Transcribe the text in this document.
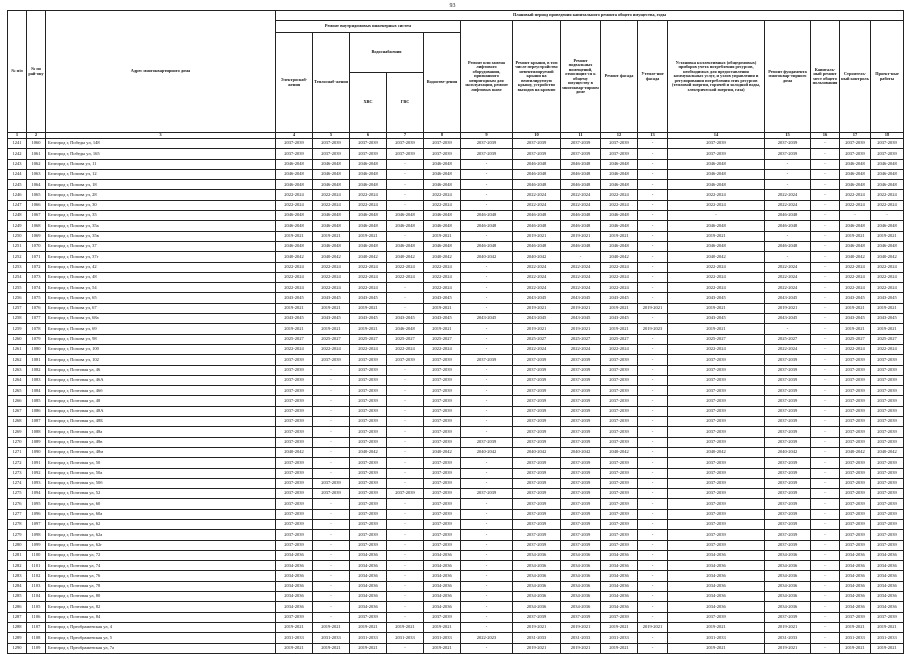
93
№ п/п	№ по рай-ону	Адрес многоквартирного дома	Плановый период проведения капитального ремонта общего имущества, годы														
			Ремонт внутридомовых инженерных систем					Ремонт или замена лифтового оборудования, признанного непригодным для эксплуатации, ремонт лифтовых шахт	Ремонт крыши, в том числе переустройство невентилируемой крыши на вентилируемую крышу, устройство выходов на кровлю	Ремонт подвальных помещений, относящих-ся к общему имуществу в многоквар-тирном доме	Ремонт фасада	Утепле-ние фасада	Установка коллективных (общедомовых) приборов учета потребления ресурсов, необходимых для предоставления коммунальных услуг, и узлов управления и регулирования потребления этих ресурсов (тепловой энергии, горячей и холодной воды, электрической энергии, газа)	Ремонт фундамента многоквар-тирного дома	Капиталь-ный ремонт мест общего пользования	Строитель-ный контроль	Проект-ные работы
			Электроснаб-жения	Теплоснаб-жения	Водоснабжения		Водоотве-дения										
					ХВС	ГВС											
1	2	3	4	5	6	7	8	9	10	11	12	13	14	15	16	17	18
1241	1060	Белгород г, Победы ул, 148	2037-2039	2037-2039	2037-2039	2037-2039	2037-2039	2037-2039	2037-2039	2037-2039	2037-2039	-	2037-2039	2037-2039	-	2037-2039	2037-2039
1242	1061	Белгород г, Победы ул, 165	2037-2039	2037-2039	2037-2039	2037-2039	2037-2039	2037-2039	2037-2039	2037-2039	2037-2039	-	2037-2039	2037-2039	-	2037-2039	2037-2039
1243	1062	Белгород г, Попова ул, 11	2046-2048	2046-2048	2046-2048	-	2046-2048	-	2046-2048	2046-2048	2046-2048	-	2046-2048	-	-	2046-2048	2046-2048
1244	1063	Белгород г, Попова ул, 12	2046-2048	2046-2048	2046-2048	-	2046-2048	-	2046-2048	2046-2048	2046-2048	-	2046-2048	-	-	2046-2048	2046-2048
1245	1064	Белгород г, Попова ул, 18	2046-2048	2046-2048	2046-2048	-	2046-2048	-	2046-2048	2046-2048	2046-2048	-	2046-2048	-	-	2046-2048	2046-2048
1246	1065	Белгород г, Попова ул, 28	2022-2024	2022-2024	2022-2024	-	2022-2024	-	2022-2024	2022-2024	2022-2024	-	2022-2024	2022-2024	-	2022-2024	2022-2024
1247	1066	Белгород г, Попова ул, 30	2022-2024	2022-2024	2022-2024	-	2022-2024	-	2022-2024	2022-2024	2022-2024	-	2022-2024	2022-2024	-	2022-2024	2022-2024
1248	1067	Белгород г, Попова ул, 35	2046-2048	2046-2048	2046-2048	2046-2048	2046-2048	2046-2048	2046-2048	2046-2048	2046-2048	-	-	2046-2048	-	-	-
1249	1068	Белгород г, Попова ул, 35а	2046-2048	2046-2048	2046-2048	2046-2048	2046-2048	2046-2048	2046-2048	2046-2048	2046-2048	-	2046-2048	2046-2048	-	2046-2048	2046-2048
1250	1069	Белгород г, Попова ул, 35в	2019-2021	2019-2021	2019-2021	-	2019-2021	-	2019-2021	2019-2021	2019-2021	-	2019-2021	-	-	2019-2021	2019-2021
1251	1070	Белгород г, Попова ул, 37	2046-2048	2046-2048	2046-2048	2046-2048	2046-2048	2046-2048	2046-2048	2046-2048	2046-2048	-	2046-2048	2046-2048	-	2046-2048	2046-2048
1252	1071	Белгород г, Попова ул, 37г	2040-2042	2040-2042	2040-2042	2040-2042	2040-2042	2040-2042	2040-2042	-	2040-2042	-	2040-2042	-	-	2040-2042	2040-2042
1253	1072	Белгород г, Попова ул, 42	2022-2024	2022-2024	2022-2024	2022-2024	2022-2024	-	2022-2024	2022-2024	2022-2024	-	2022-2024	2022-2024	-	2022-2024	2022-2024
1254	1073	Белгород г, Попова ул, 48	2022-2024	2022-2024	2022-2024	2022-2024	2022-2024	-	2022-2024	2022-2024	2022-2024	-	2022-2024	2022-2024	-	2022-2024	2022-2024
1255	1074	Белгород г, Попова ул, 54	2022-2024	2022-2024	2022-2024	-	2022-2024	-	2022-2024	2022-2024	2022-2024	-	2022-2024	2022-2024	-	2022-2024	2022-2024
1256	1075	Белгород г, Попова ул, 65	2043-2045	2043-2045	2043-2045	-	2043-2045	-	2043-2045	2043-2045	2043-2045	-	2043-2045	2043-2045	-	2043-2045	2043-2045
1257	1076	Белгород г, Попова ул, 67	2019-2021	2019-2021	2019-2021	-	2019-2021	-	2019-2021	2019-2021	2019-2021	2019-2021	2019-2021	2019-2021	-	2019-2021	2019-2021
1258	1077	Белгород г, Попова ул, 68а	2043-2045	2043-2045	2043-2045	2043-2045	2043-2045	2043-2045	2043-2045	2043-2045	2043-2045	-	2043-2045	2043-2045	-	2043-2045	2043-2045
1259	1078	Белгород г, Попова ул, 69	2019-2021	2019-2021	2019-2021	2046-2048	2019-2021	-	2019-2021	2019-2021	2019-2021	2019-2023	2019-2021	-	-	2019-2021	2019-2021
1260	1079	Белгород г, Попова ул, 98	2025-2027	2025-2027	2025-2027	2025-2027	2025-2027	-	2025-2027	2025-2027	2025-2027	-	2025-2027	2025-2027	-	2025-2027	2025-2027
1261	1080	Белгород г, Попова ул, 100	2022-2024	2022-2024	2022-2024	2022-2024	2022-2024	-	2022-2024	2022-2024	2022-2024	-	2022-2024	2022-2024	-	2022-2024	2022-2024
1262	1081	Белгород г, Попова ул, 102	2037-2039	2037-2039	2037-2039	2037-2039	2037-2039	2037-2039	2037-2039	2037-2039	2037-2039	-	2037-2039	2037-2039	-	2037-2039	2037-2039
1263	1082	Белгород г, Почтовая ул, 46	2037-2039	-	2037-2039	-	2037-2039	-	2037-2039	2037-2039	2037-2039	-	2037-2039	2037-2039	-	2037-2039	2037-2039
1264	1083	Белгород г, Почтовая ул, 46А	2037-2039	-	2037-2039	-	2037-2039	-	2037-2039	2037-2039	2037-2039	-	2037-2039	2037-2039	-	2037-2039	2037-2039
1265	1084	Белгород г, Почтовая ул, 46б	2037-2039	-	2037-2039	-	2037-2039	-	2037-2039	2037-2039	2037-2039	-	2037-2039	2037-2039	-	2037-2039	2037-2039
1266	1085	Белгород г, Почтовая ул, 48	2037-2039	-	2037-2039	-	2037-2039	-	2037-2039	2037-2039	2037-2039	-	2037-2039	2037-2039	-	2037-2039	2037-2039
1267	1086	Белгород г, Почтовая ул, 48А	2037-2039	-	2037-2039	-	2037-2039	-	2037-2039	2037-2039	2037-2039	-	2037-2039	2037-2039	-	2037-2039	2037-2039
1268	1087	Белгород г, Почтовая ул, 48Б	2037-2039	-	2037-2039	-	2037-2039	-	2037-2039	2037-2039	2037-2039	-	2037-2039	2037-2039	-	2037-2039	2037-2039
1269	1088	Белгород г, Почтовая ул, 48а	2037-2039	-	2037-2039	-	2037-2039	-	2037-2039	2037-2039	2037-2039	-	2037-2039	2037-2039	-	2037-2039	2037-2039
1270	1089	Белгород г, Почтовая ул, 48в	2037-2039	-	2037-2039	-	2037-2039	2037-2039	2037-2039	2037-2039	2037-2039	-	2037-2039	2037-2039	-	2037-2039	2037-2039
1271	1090	Белгород г, Почтовая ул, 48м	2040-2042	-	2040-2042	-	2040-2042	2040-2042	2040-2042	2040-2042	2040-2042	-	2040-2042	2040-2042	-	2040-2042	2040-2042
1272	1091	Белгород г, Почтовая ул, 50	2037-2039	-	2037-2039	-	2037-2039	-	2037-2039	2037-2039	2037-2039	-	2037-2039	2037-2039	-	2037-2039	2037-2039
1273	1092	Белгород г, Почтовая ул, 50а	2037-2039	-	2037-2039	-	2037-2039	-	2037-2039	2037-2039	2037-2039	-	2037-2039	2037-2039	-	2037-2039	2037-2039
1274	1093	Белгород г, Почтовая ул, 50б	2037-2039	2037-2039	2037-2039	-	2037-2039	-	2037-2039	2037-2039	2037-2039	-	2037-2039	2037-2039	-	2037-2039	2037-2039
1275	1094	Белгород г, Почтовая ул, 52	2037-2039	2037-2039	2037-2039	2037-2039	2037-2039	2037-2039	2037-2039	2037-2039	2037-2039	-	2037-2039	2037-2039	-	2037-2039	2037-2039
1276	1095	Белгород г, Почтовая ул, 60	2037-2039	-	2037-2039	-	2037-2039	-	2037-2039	2037-2039	2037-2039	-	2037-2039	2037-2039	-	2037-2039	2037-2039
1277	1096	Белгород г, Почтовая ул, 60а	2037-2039	-	2037-2039	-	2037-2039	-	2037-2039	2037-2039	2037-2039	-	2037-2039	2037-2039	-	2037-2039	2037-2039
1278	1097	Белгород г, Почтовая ул, 62	2037-2039	-	2037-2039	-	2037-2039	-	2037-2039	2037-2039	2037-2039	-	2037-2039	2037-2039	-	2037-2039	2037-2039
1279	1098	Белгород г, Почтовая ул, 62а	2037-2039	-	2037-2039	-	2037-2039	-	2037-2039	2037-2039	2037-2039	-	2037-2039	2037-2039	-	2037-2039	2037-2039
1280	1099	Белгород г, Почтовая ул, 62г	2037-2039	-	2037-2039	-	2037-2039	-	2037-2039	2037-2039	2037-2039	-	2037-2039	2037-2039	-	2037-2039	2037-2039
1281	1100	Белгород г, Почтовая ул, 72	2034-2036	-	2034-2036	-	2034-2036	-	2034-2036	2034-2036	2034-2036	-	2034-2036	2034-2036	-	2034-2036	2034-2036
1282	1101	Белгород г, Почтовая ул, 74	2034-2036	-	2034-2036	-	2034-2036	-	2034-2036	2034-2036	2034-2036	-	2034-2036	2034-2036	-	2034-2036	2034-2036
1283	1102	Белгород г, Почтовая ул, 76	2034-2036	-	2034-2036	-	2034-2036	-	2034-2036	2034-2036	2034-2036	-	2034-2036	2034-2036	-	2034-2036	2034-2036
1284	1103	Белгород г, Почтовая ул, 78	2034-2036	-	2034-2036	-	2034-2036	-	2034-2036	2034-2036	2034-2036	-	2034-2036	2034-2036	-	2034-2036	2034-2036
1285	1104	Белгород г, Почтовая ул, 80	2034-2036	-	2034-2036	-	2034-2036	-	2034-2036	2034-2036	2034-2036	-	2034-2036	2034-2036	-	2034-2036	2034-2036
1286	1105	Белгород г, Почтовая ул, 82	2034-2036	-	2034-2036	-	2034-2036	-	2034-2036	2034-2036	2034-2036	-	2034-2036	2034-2036	-	2034-2036	2034-2036
1287	1106	Белгород г, Почтовая ул, 84	2037-2039	-	2037-2039	-	2037-2039	-	2037-2039	2037-2039	2037-2039	-	2037-2039	2037-2039	-	2037-2039	2037-2039
1288	1107	Белгород г, Преображенская ул, 4	2019-2021	2019-2021	2019-2021	2019-2021	2019-2021	-	2019-2021	2019-2021	2019-2021	2019-2021	2019-2021	2019-2021	-	2019-2021	2019-2021
1289	1108	Белгород г, Преображенская ул, 5	2031-2033	2031-2033	2031-2033	2031-2033	2031-2033	2022-2023	2031-2033	2031-2033	2031-2033	-	2031-2033	2031-2033	-	2031-2033	2031-2033
1290	1109	Белгород г, Преображенская ул, 7а	2019-2021	2019-2021	2019-2021	-	2019-2021	-	2019-2021	2019-2021	2019-2021	-	2019-2021	2019-2021	-	2019-2021	2019-2021
